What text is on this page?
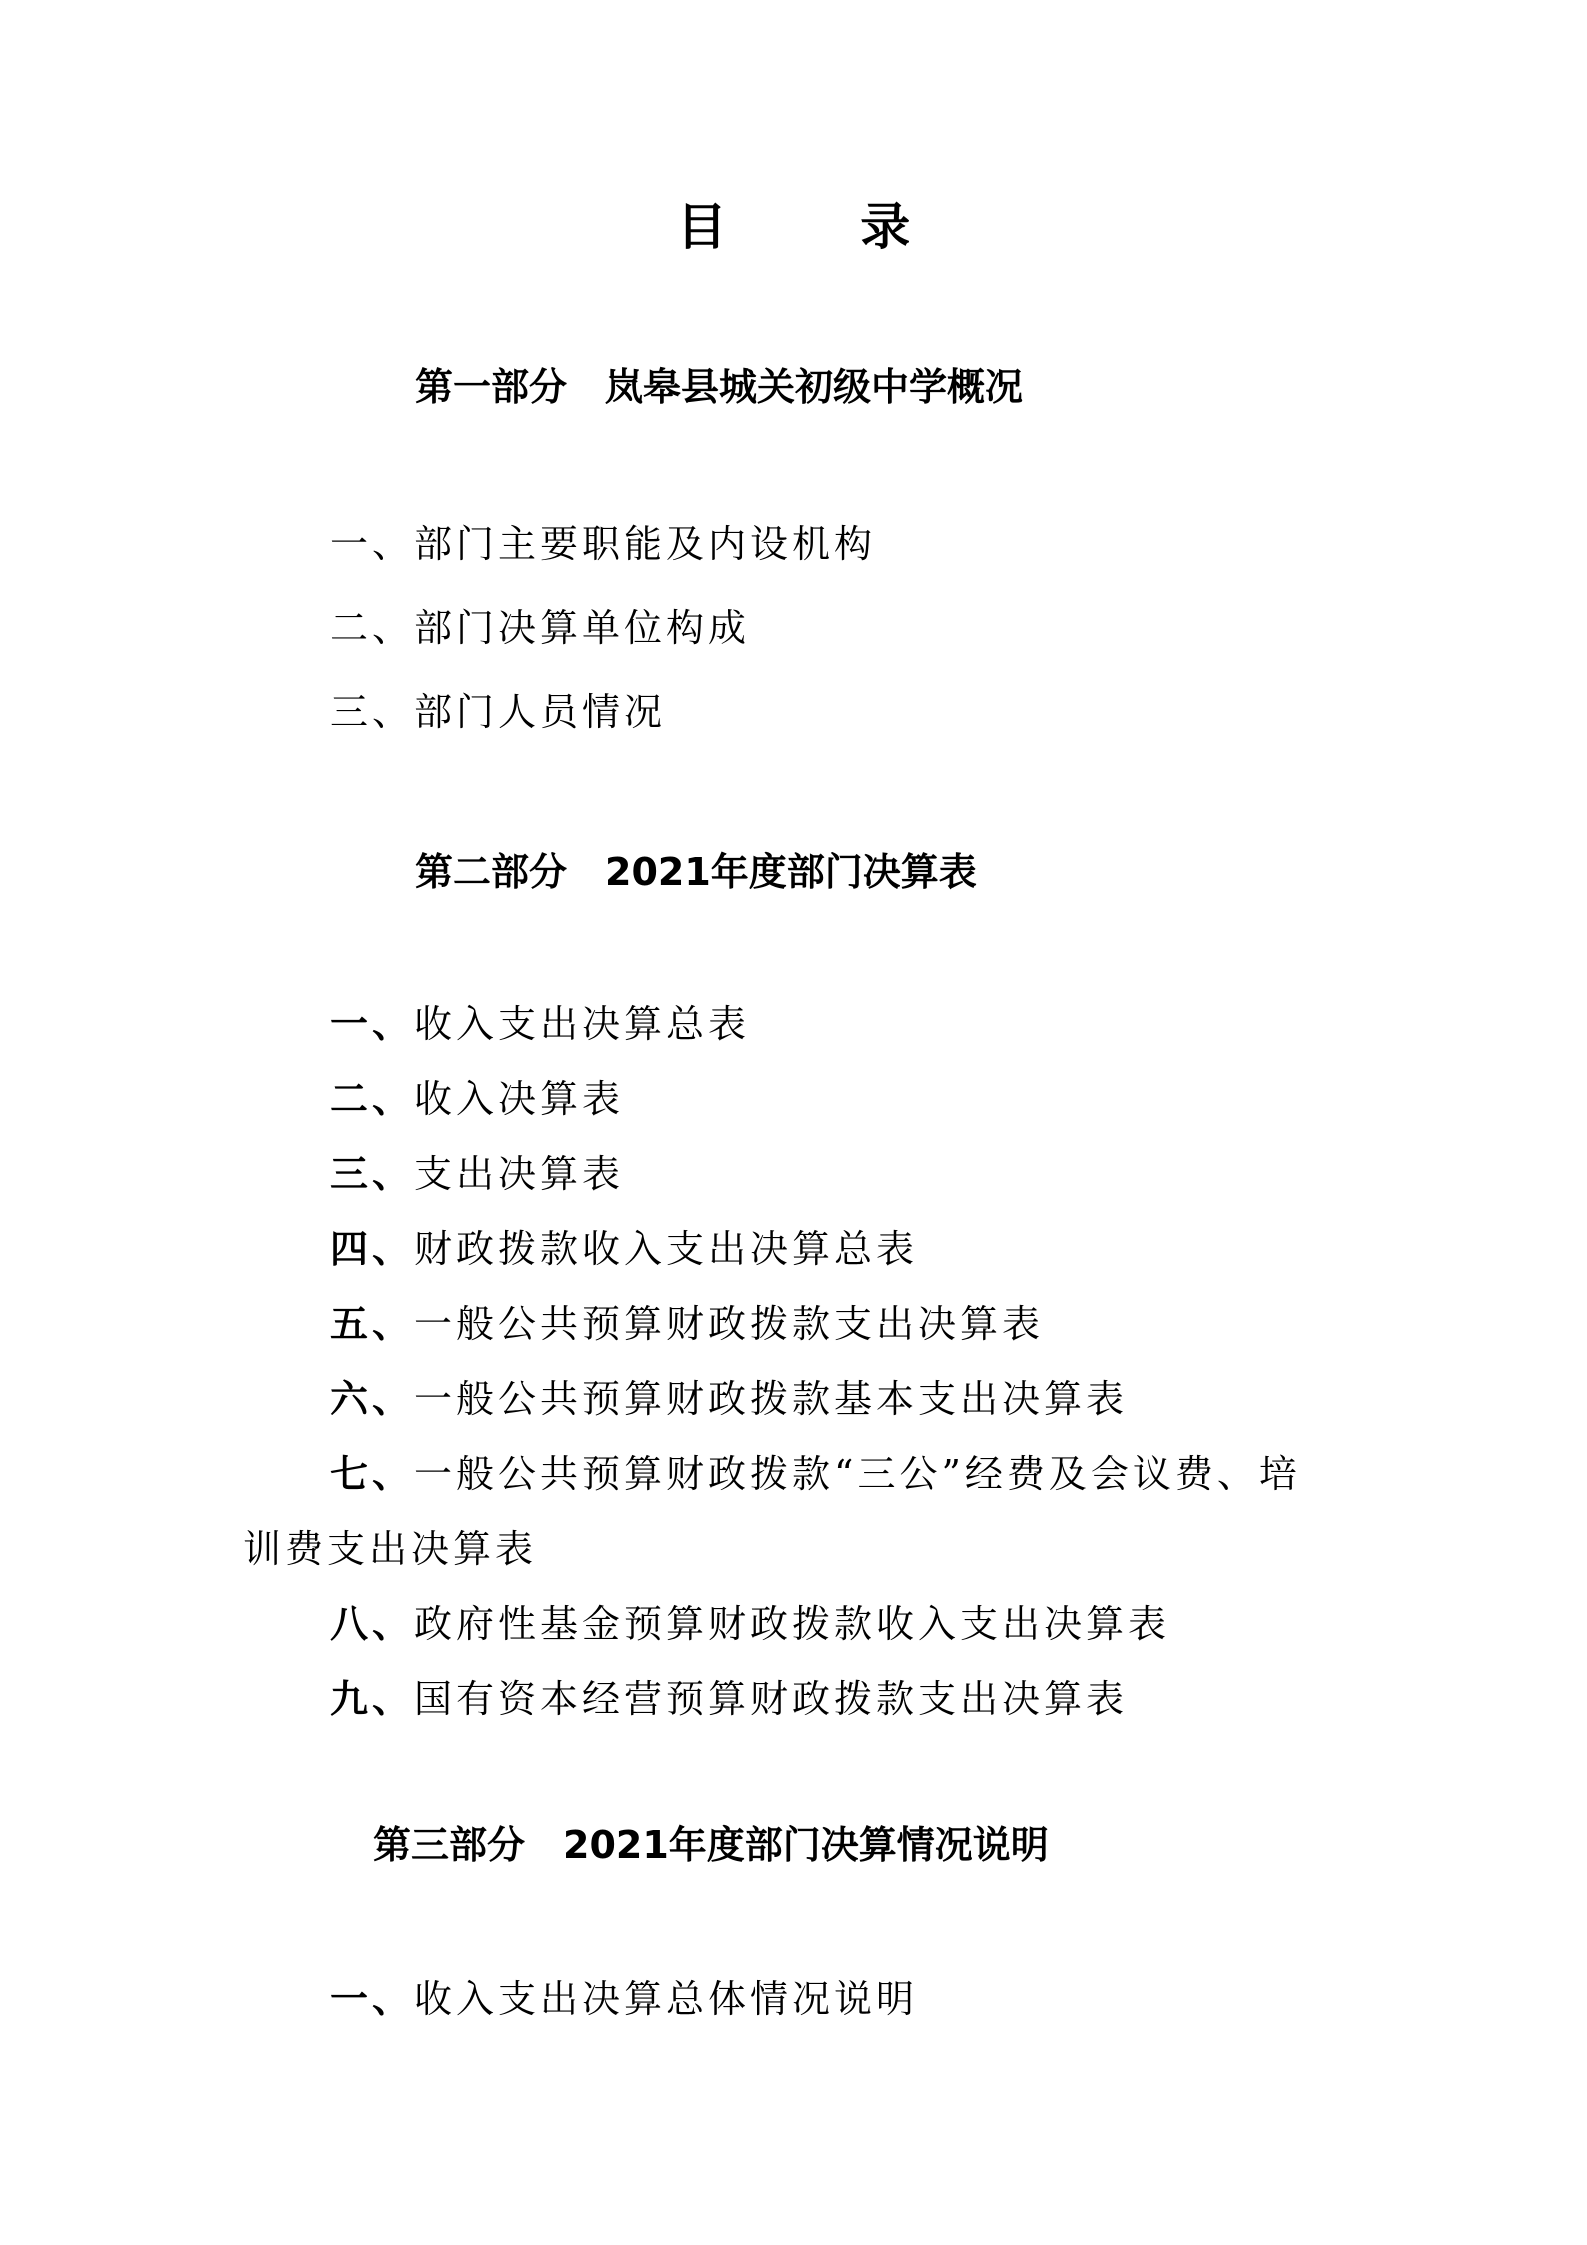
目 录
第一部分 岚皋县城关初级中学概况
一、部门主要职能及内设机构
二、部门决算单位构成
三、部门人员情况
第二部分 2021年度部门决算表
一、收入支出决算总表
二、收入决算表
三、支出决算表
四、财政拨款收入支出决算总表
五、一般公共预算财政拨款支出决算表
六、一般公共预算财政拨款基本支出决算表
七、一般公共预算财政拨款“三公”经费及会议费、培
训费支出决算表
八、政府性基金预算财政拨款收入支出决算表
九、国有资本经营预算财政拨款支出决算表
第三部分 2021年度部门决算情况说明
一、收入支出决算总体情况说明
